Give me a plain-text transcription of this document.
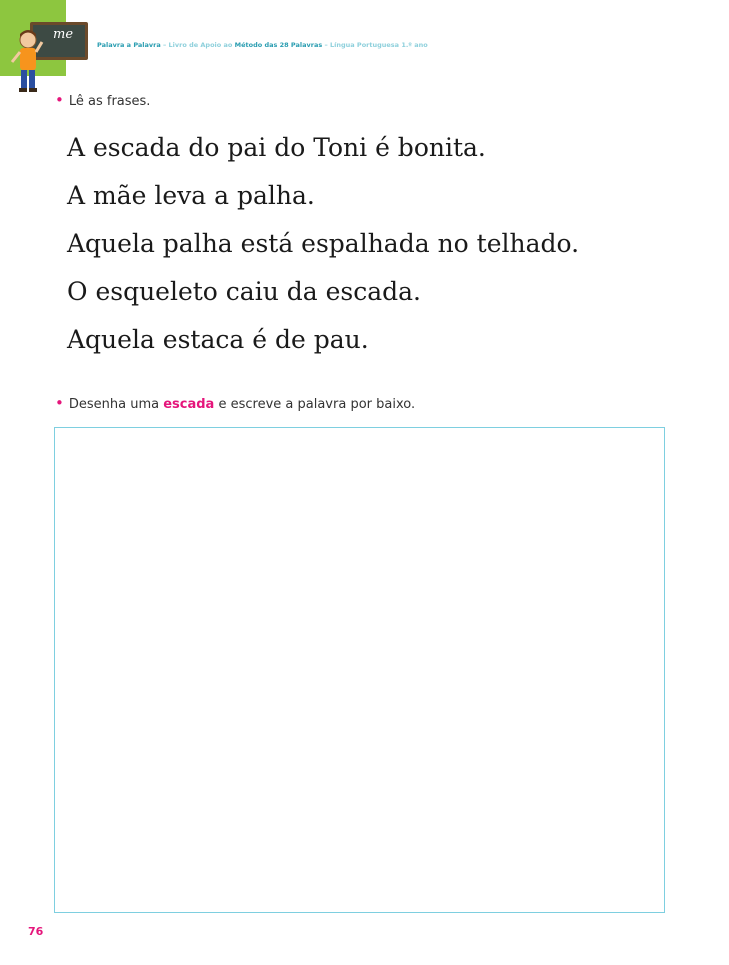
me
Palavra a Palavra – Livro de Apoio ao Método das 28 Palavras – Língua Portuguesa 1.º ano
• Lê as frases.
A escada do pai do Toni é bonita.
A mãe leva a palha.
Aquela palha está espalhada no telhado.
O esqueleto caiu da escada.
Aquela estaca é de pau.
• Desenha uma escada e escreve a palavra por baixo.
76
